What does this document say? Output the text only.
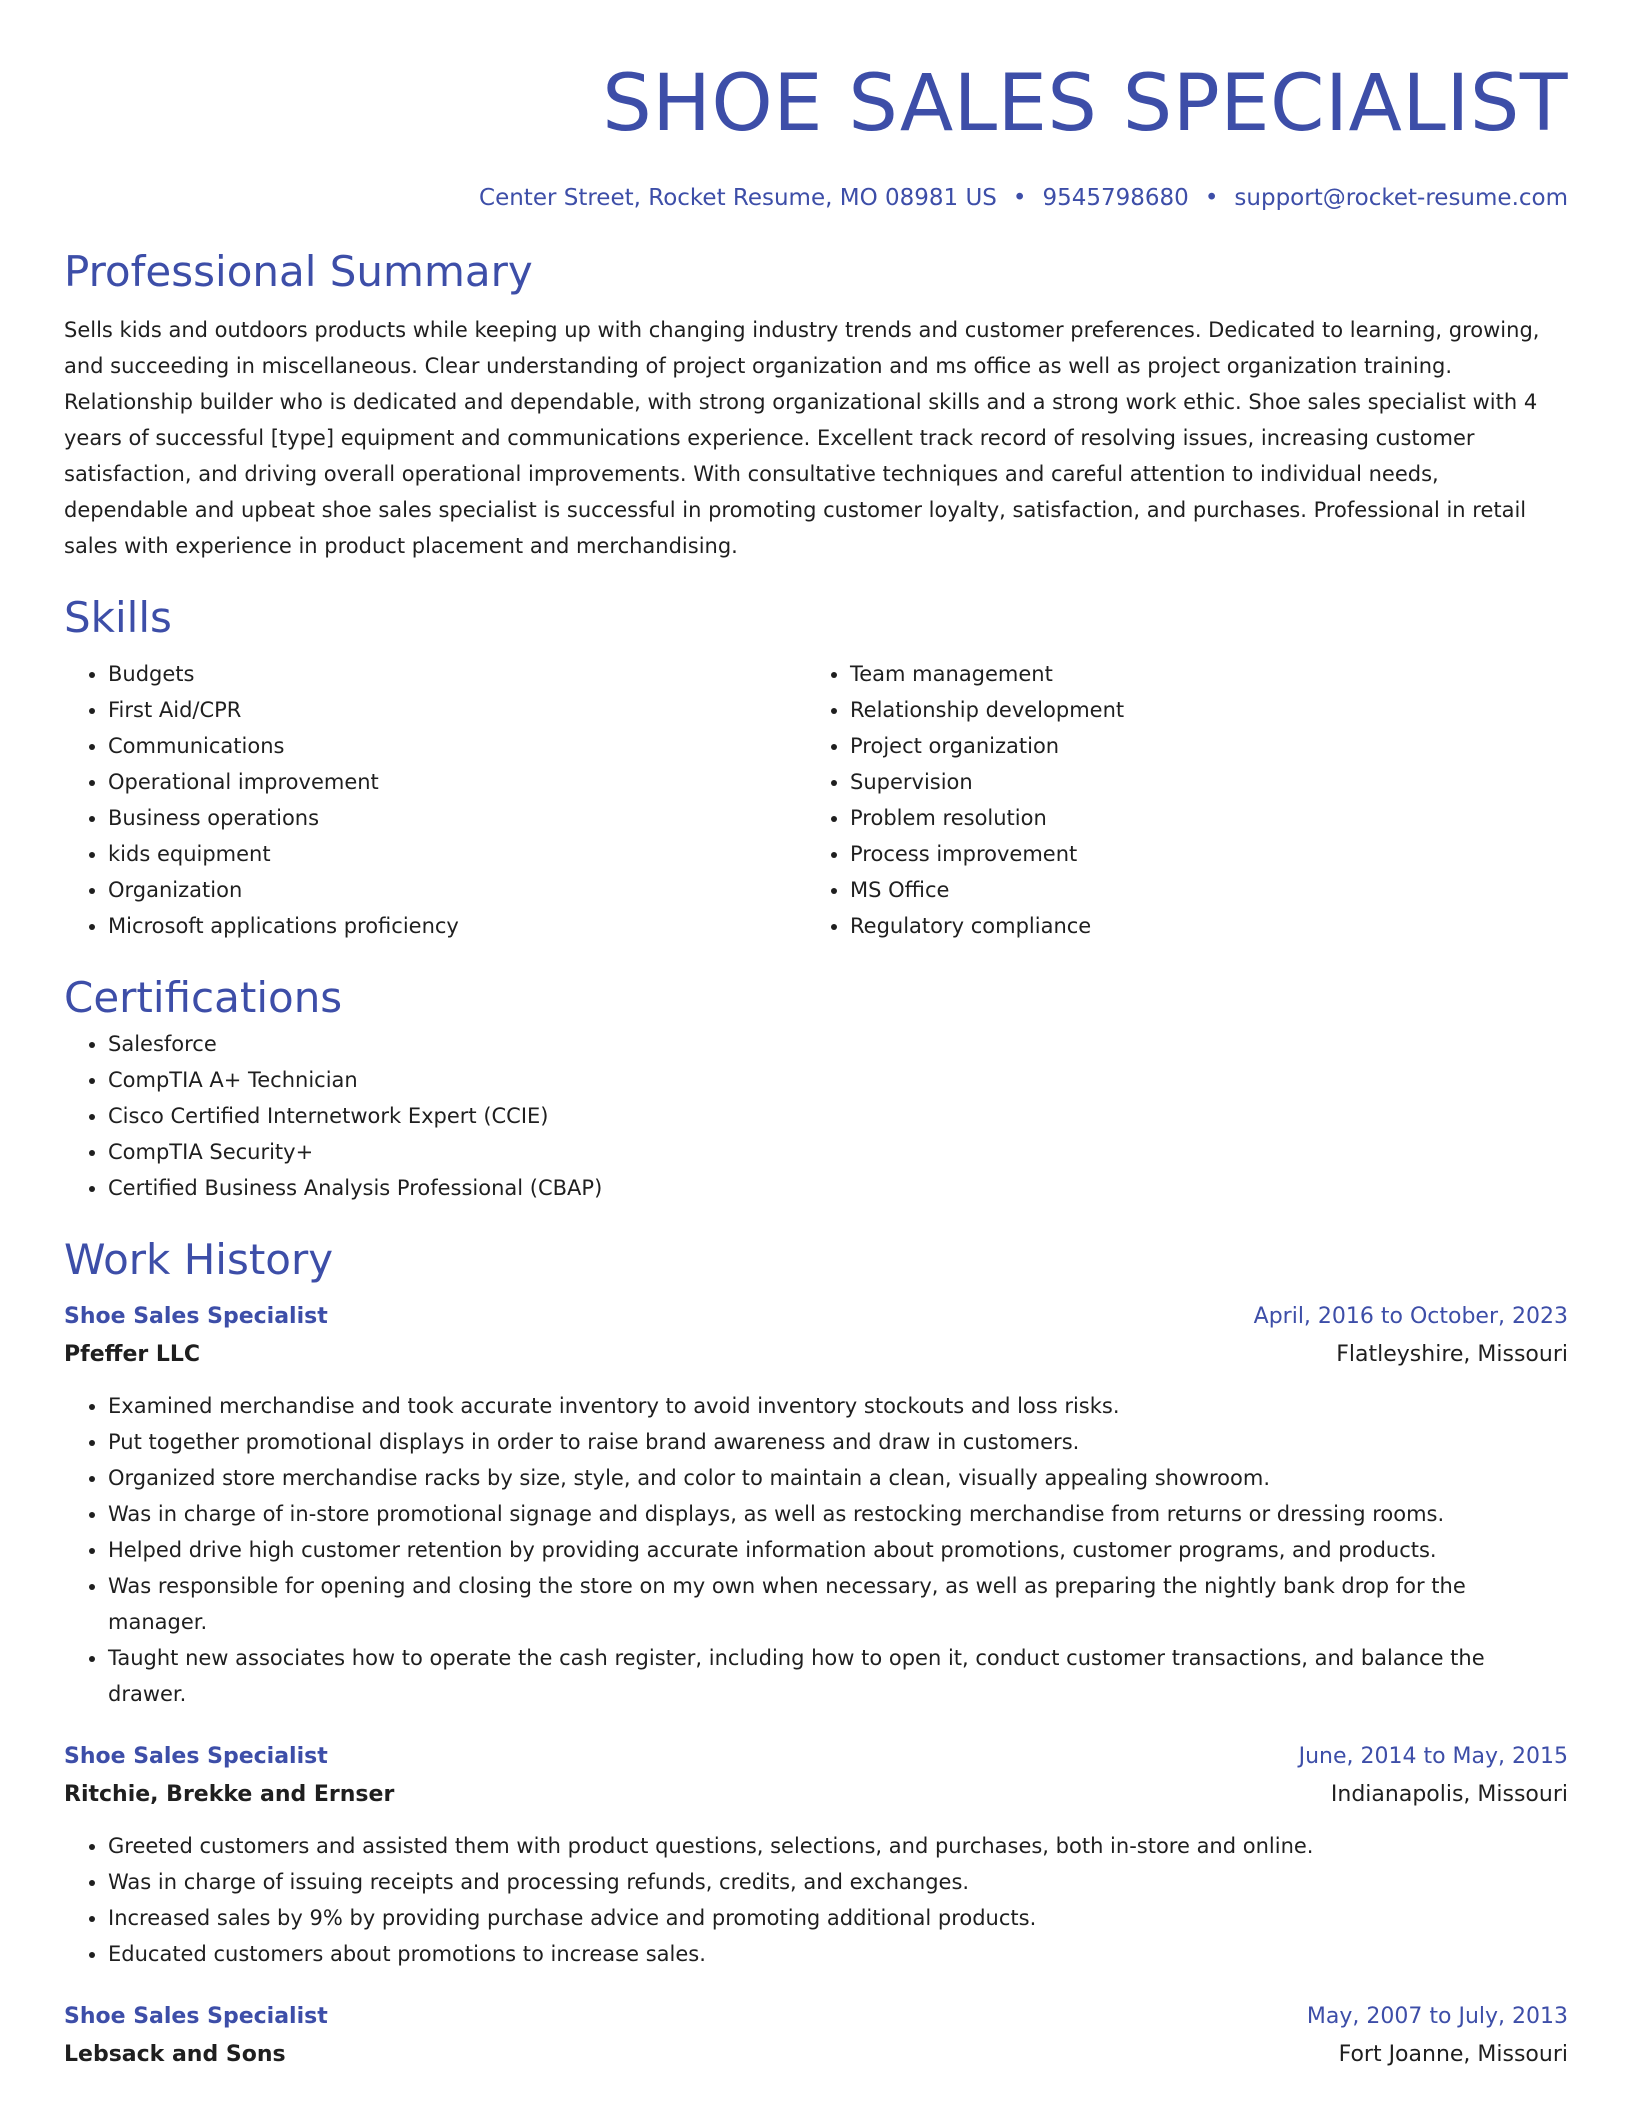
SHOE SALES SPECIALIST
Center Street, Rocket Resume, MO 08981 US • 9545798680 • support@rocket-resume.com
Professional Summary
Sells kids and outdoors products while keeping up with changing industry trends and customer preferences. Dedicated to learning, growing, and succeeding in miscellaneous. Clear understanding of project organization and ms office as well as project organization training. Relationship builder who is dedicated and dependable, with strong organizational skills and a strong work ethic. Shoe sales specialist with 4 years of successful [type] equipment and communications experience. Excellent track record of resolving issues, increasing customer satisfaction, and driving overall operational improvements. With consultative techniques and careful attention to individual needs, dependable and upbeat shoe sales specialist is successful in promoting customer loyalty, satisfaction, and purchases. Professional in retail sales with experience in product placement and merchandising.
Skills
• Budgets
• First Aid/CPR
• Communications
• Operational improvement
• Business operations
• kids equipment
• Organization
• Microsoft applications proficiency
• Team management
• Relationship development
• Project organization
• Supervision
• Problem resolution
• Process improvement
• MS Office
• Regulatory compliance
Certifications
• Salesforce
• CompTIA A+ Technician
• Cisco Certified Internetwork Expert (CCIE)
• CompTIA Security+
• Certified Business Analysis Professional (CBAP)
Work History
Shoe Sales Specialist	April, 2016 to October, 2023
Pfeffer LLC	Flatleyshire, Missouri
• Examined merchandise and took accurate inventory to avoid inventory stockouts and loss risks.
• Put together promotional displays in order to raise brand awareness and draw in customers.
• Organized store merchandise racks by size, style, and color to maintain a clean, visually appealing showroom.
• Was in charge of in-store promotional signage and displays, as well as restocking merchandise from returns or dressing rooms.
• Helped drive high customer retention by providing accurate information about promotions, customer programs, and products.
• Was responsible for opening and closing the store on my own when necessary, as well as preparing the nightly bank drop for the manager.
• Taught new associates how to operate the cash register, including how to open it, conduct customer transactions, and balance the drawer.
Shoe Sales Specialist	June, 2014 to May, 2015
Ritchie, Brekke and Ernser	Indianapolis, Missouri
• Greeted customers and assisted them with product questions, selections, and purchases, both in-store and online.
• Was in charge of issuing receipts and processing refunds, credits, and exchanges.
• Increased sales by 9% by providing purchase advice and promoting additional products.
• Educated customers about promotions to increase sales.
Shoe Sales Specialist	May, 2007 to July, 2013
Lebsack and Sons	Fort Joanne, Missouri
